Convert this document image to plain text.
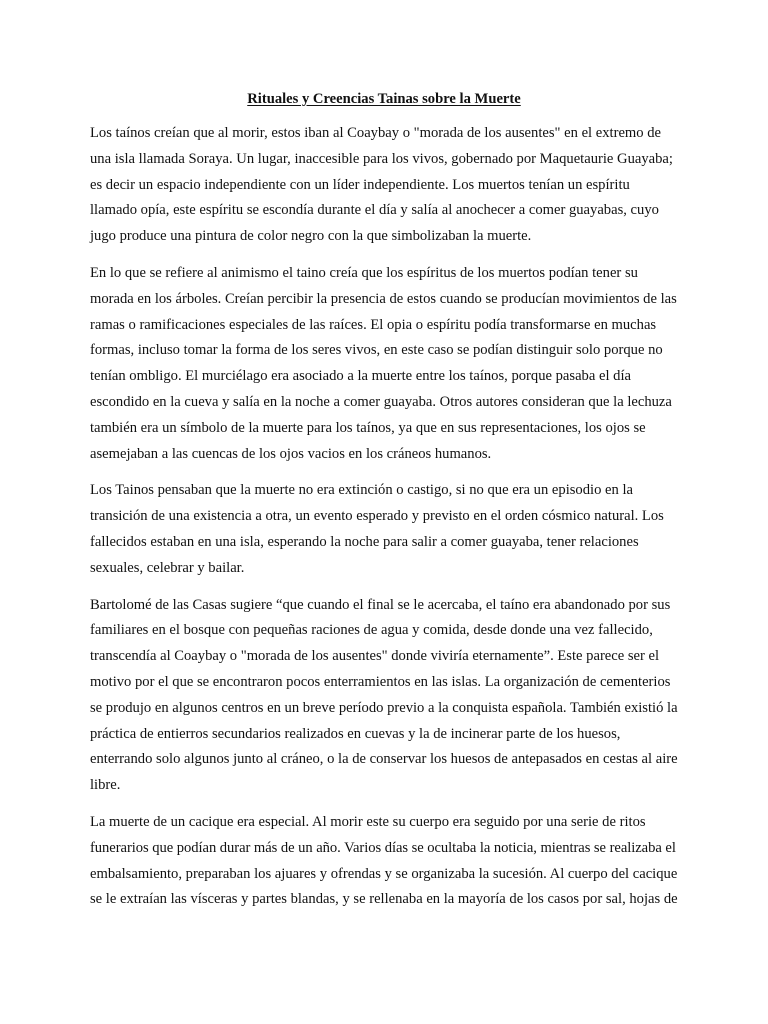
Rituales y Creencias Tainas sobre la Muerte

Los taínos creían que al morir, estos iban al Coaybay o "morada de los ausentes" en el extremo de
una isla llamada Soraya. Un lugar, inaccesible para los vivos, gobernado por Maquetaurie Guayaba;
es decir un espacio independiente con un líder independiente. Los muertos tenían un espíritu
llamado opía, este espíritu se escondía durante el día y salía al anochecer a comer guayabas, cuyo
jugo produce una pintura de color negro con la que simbolizaban la muerte.

En lo que se refiere al animismo el taino creía que los espíritus de los muertos podían tener su
morada en los árboles. Creían percibir la presencia de estos cuando se producían movimientos de las
ramas o ramificaciones especiales de las raíces. El opia o espíritu podía transformarse en muchas
formas, incluso tomar la forma de los seres vivos, en este caso se podían distinguir solo porque no
tenían ombligo. El murciélago era asociado a la muerte entre los taínos, porque pasaba el día
escondido en la cueva y salía en la noche a comer guayaba. Otros autores consideran que la lechuza
también era un símbolo de la muerte para los taínos, ya que en sus representaciones, los ojos se
asemejaban a las cuencas de los ojos vacios en los cráneos humanos.

Los Tainos pensaban que la muerte no era extinción o castigo, si no que era un episodio en la
transición de una existencia a otra, un evento esperado y previsto en el orden cósmico natural. Los
fallecidos estaban en una isla, esperando la noche para salir a comer guayaba, tener relaciones
sexuales, celebrar y bailar.

Bartolomé de las Casas sugiere “que cuando el final se le acercaba, el taíno era abandonado por sus
familiares en el bosque con pequeñas raciones de agua y comida, desde donde una vez fallecido,
transcendía al Coaybay o "morada de los ausentes" donde viviría eternamente”. Este parece ser el
motivo por el que se encontraron pocos enterramientos en las islas. La organización de cementerios
se produjo en algunos centros en un breve período previo a la conquista española. También existió la
práctica de entierros secundarios realizados en cuevas y la de incinerar parte de los huesos,
enterrando solo algunos junto al cráneo, o la de conservar los huesos de antepasados en cestas al aire
libre.

La muerte de un cacique era especial. Al morir este su cuerpo era seguido por una serie de ritos
funerarios que podían durar más de un año. Varios días se ocultaba la noticia, mientras se realizaba el
embalsamiento, preparaban los ajuares y ofrendas y se organizaba la sucesión. Al cuerpo del cacique
se le extraían las vísceras y partes blandas, y se rellenaba en la mayoría de los casos por sal, hojas de
